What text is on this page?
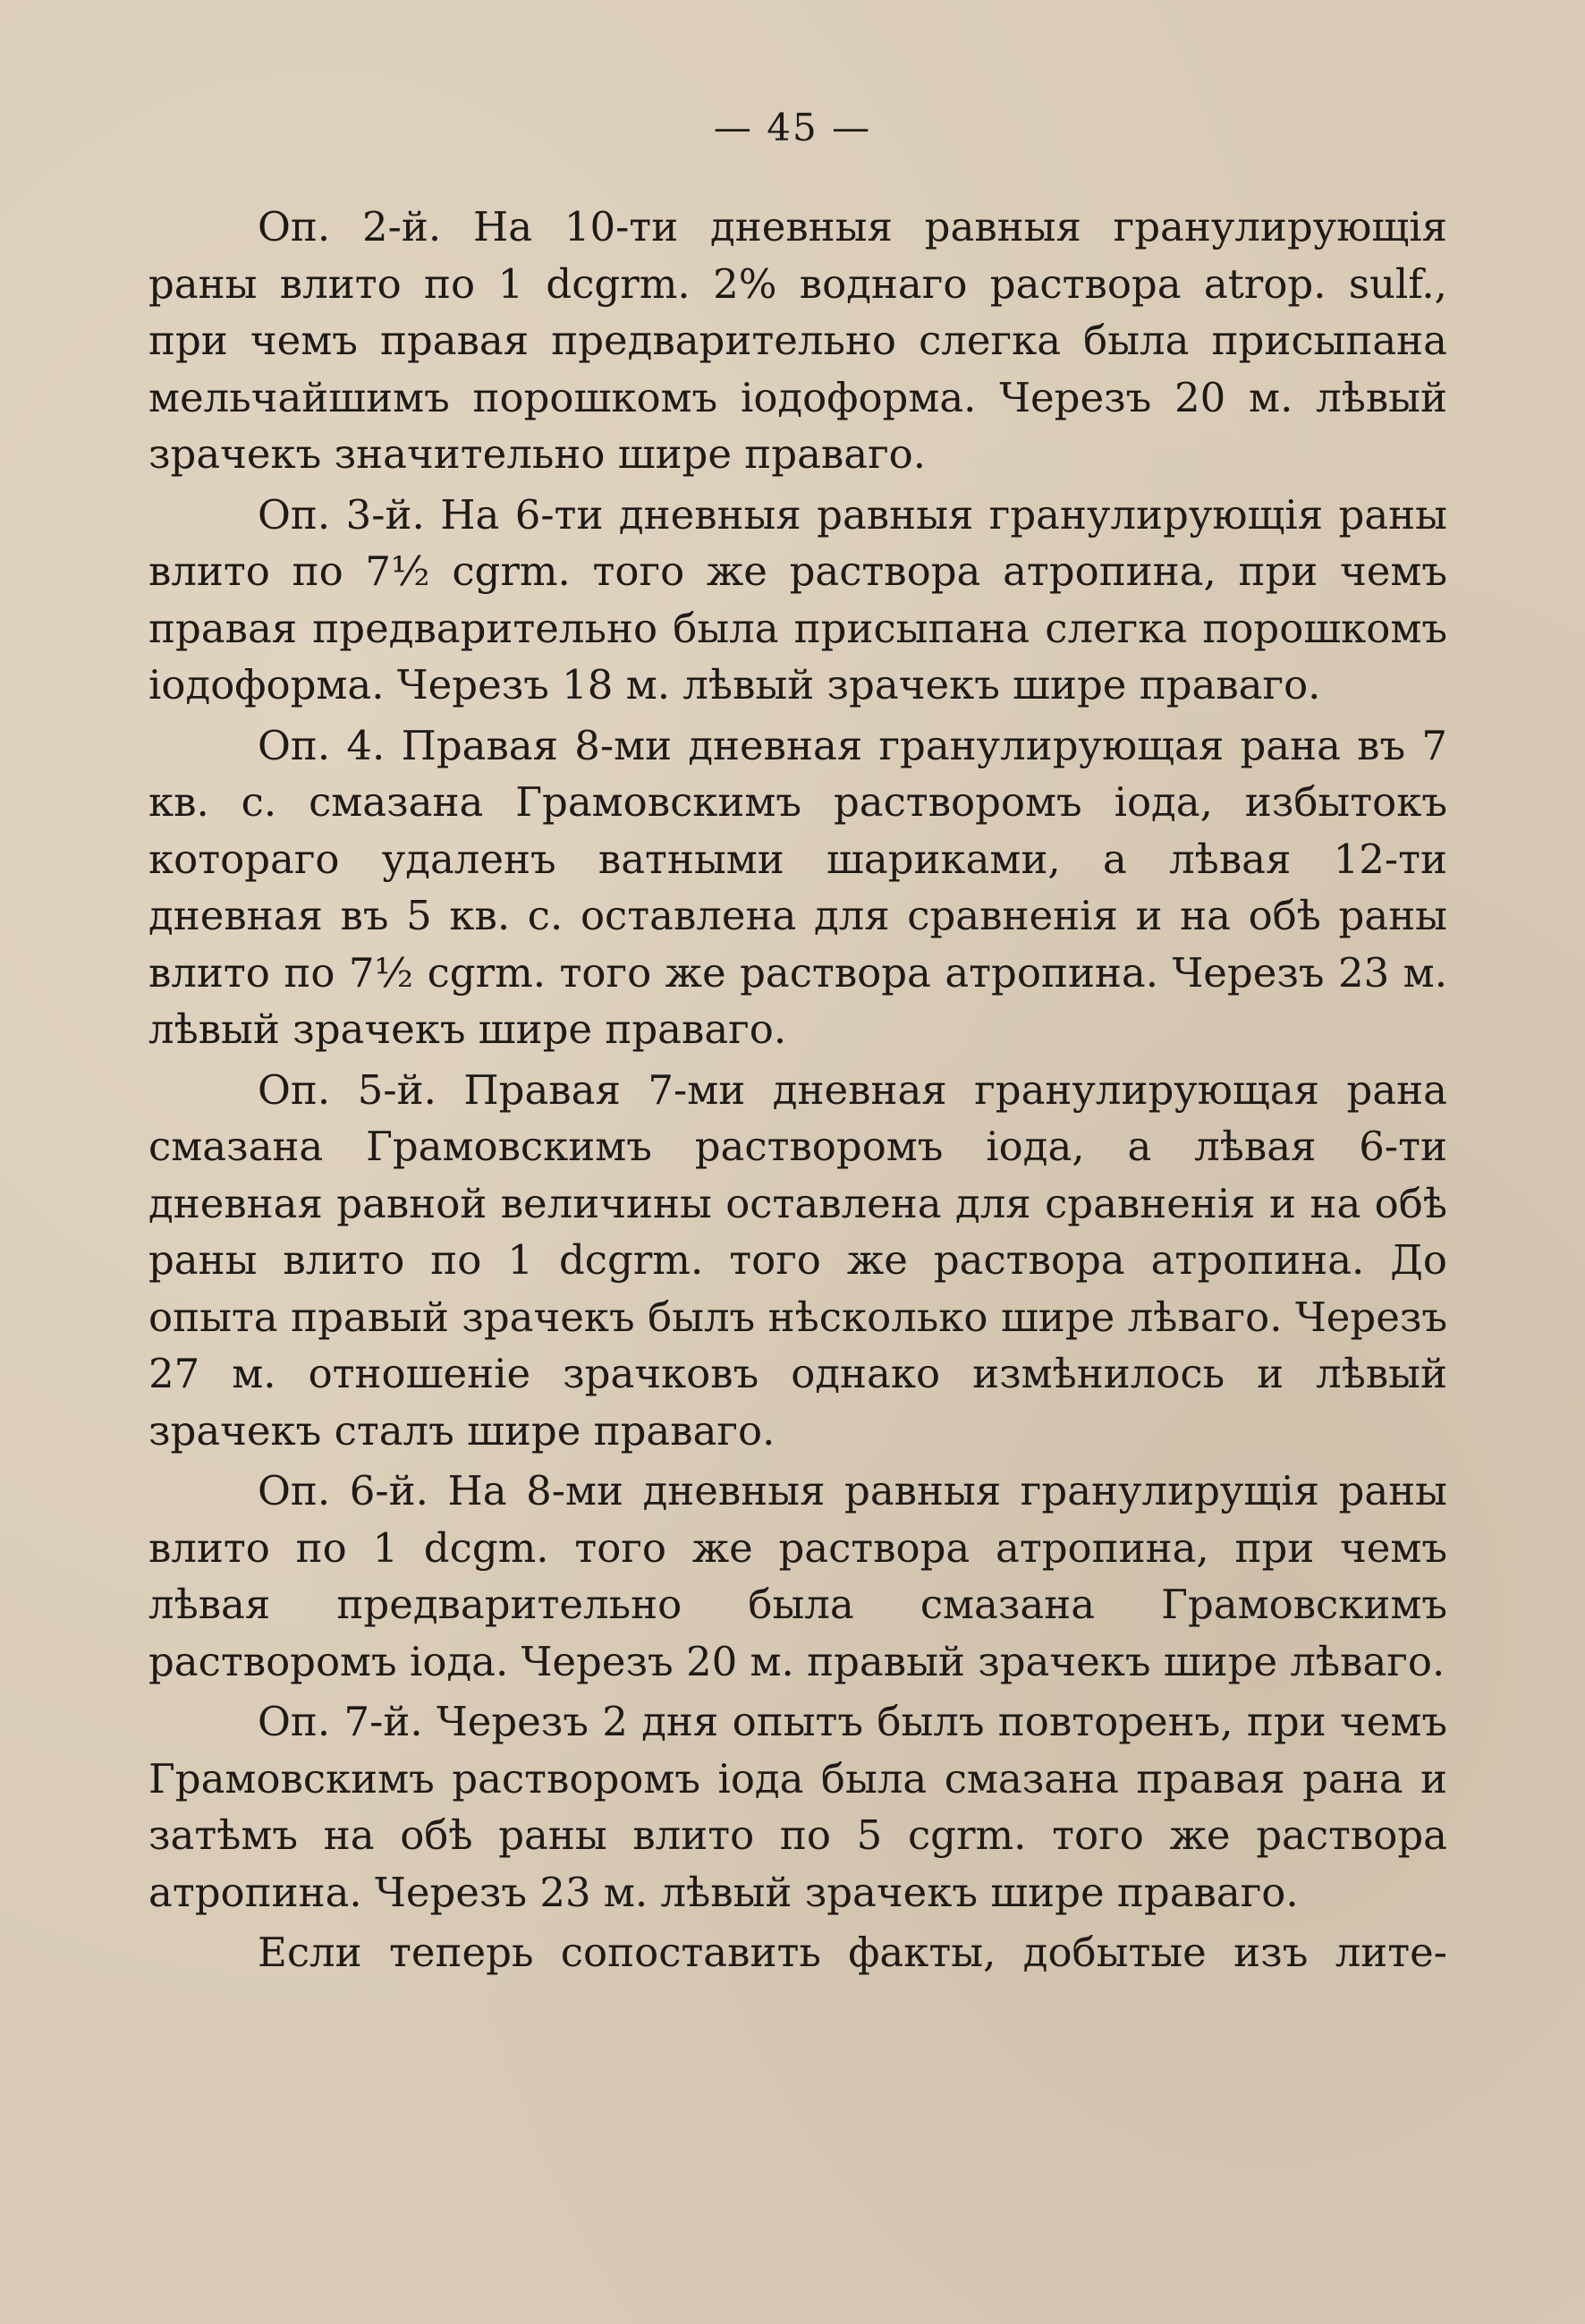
— 45 —

Оп. 2-й. На 10-ти дневныя равныя гранулирующія раны влито по 1 dcgrm. 2% воднаго раствора atrop. sulf., при чемъ правая предварительно слегка была присыпана мельчайшимъ порошкомъ іодоформа. Черезъ 20 м. лѣвый зрачекъ значительно шире праваго.

Оп. 3-й. На 6-ти дневныя равныя гранулирующія раны влито по 7½ cgrm. того же раствора атропина, при чемъ правая предварительно была присыпана слегка порошкомъ іодоформа. Черезъ 18 м. лѣвый зрачекъ шире праваго.

Оп. 4. Правая 8-ми дневная гранулирующая рана въ 7 кв. с. смазана Грамовскимъ растворомъ іода, избытокъ котораго удаленъ ватными шариками, а лѣвая 12-ти дневная въ 5 кв. с. оставлена для сравненія и на обѣ раны влито по 7½ cgrm. того же раствора атропина. Черезъ 23 м. лѣвый зрачекъ шире праваго.

Оп. 5-й. Правая 7-ми дневная гранулирующая рана смазана Грамовскимъ растворомъ іода, а лѣвая 6-ти дневная равной величины оставлена для сравненія и на обѣ раны влито по 1 dcgrm. того же раствора атропина. До опыта правый зрачекъ былъ нѣсколько шире лѣваго. Черезъ 27 м. отношеніе зрачковъ однако измѣнилось и лѣвый зрачекъ сталъ шире праваго.

Оп. 6-й. На 8-ми дневныя равныя гранулирущія раны влито по 1 dcgm. того же раствора атропина, при чемъ лѣвая предварительно была смазана Грамовскимъ растворомъ іода. Черезъ 20 м. правый зрачекъ шире лѣваго.

Оп. 7-й. Черезъ 2 дня опытъ былъ повторенъ, при чемъ Грамовскимъ растворомъ іода была смазана правая рана и затѣмъ на обѣ раны влито по 5 cgrm. того же раствора атропина. Черезъ 23 м. лѣвый зрачекъ шире праваго.

Если теперь сопоставить факты, добытые изъ лите-
